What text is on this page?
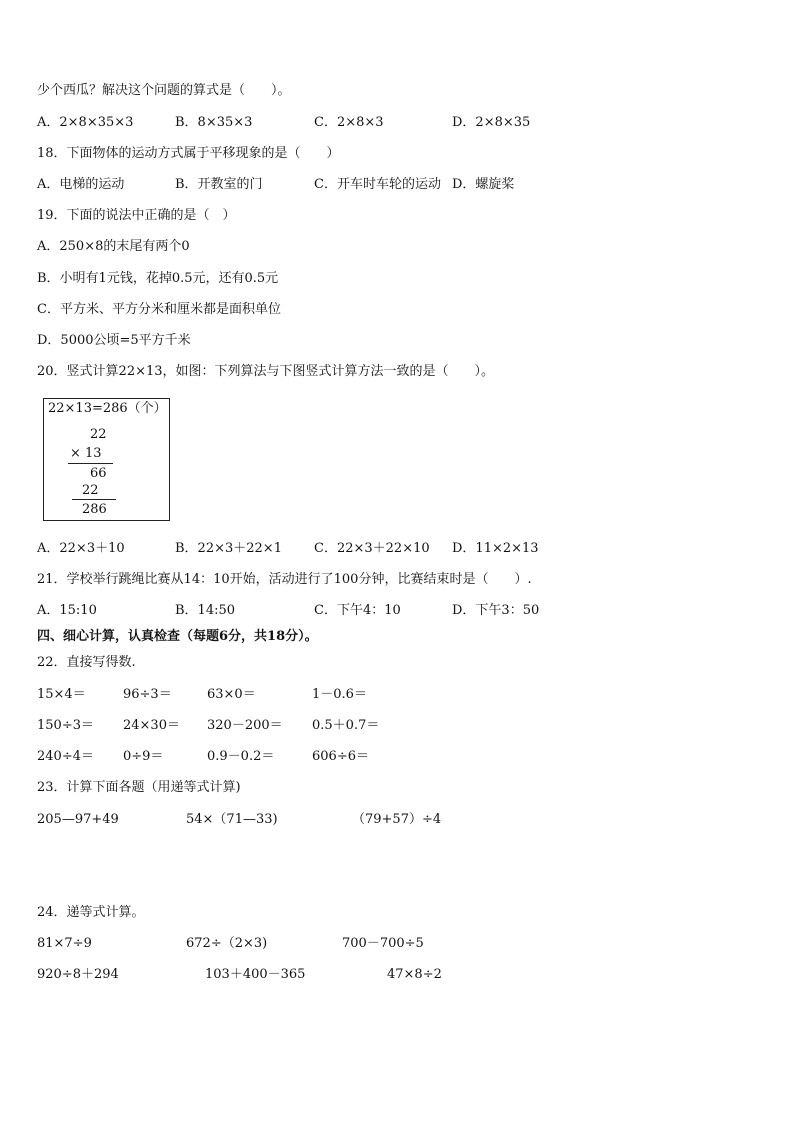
少个西瓜？解决这个问题的算式是（　　）。
A．2×8×35×3	B．8×35×3	C．2×8×3	D．2×8×35
18．下面物体的运动方式属于平移现象的是（　　）
A．电梯的运动	B．开教室的门	C．开车时车轮的运动 D．螺旋桨
19．下面的说法中正确的是（　）
A．250×8的末尾有两个0
B．小明有1元钱，花掉0.5元，还有0.5元
C．平方米、平方分米和厘米都是面积单位
D．5000公顷=5平方千米
20．竖式计算22×13，如图：下列算法与下图竖式计算方法一致的是（　　）。
22×13=286（个）
22
× 13
66
22
286
A．22×3＋10	B．22×3＋22×1 C．22×3＋22×10 D．11×2×13
21．学校举行跳绳比赛从14：10开始，活动进行了100分钟，比赛结束时是（　　）.
A．15:10	B．14:50	C．下午4：10	D．下午3：50
四、细心计算，认真检查（每题6分，共18分）。
22．直接写得数.
15×4＝	96÷3＝	63×0＝	1－0.6＝
150÷3＝ 24×30＝ 320－200＝ 0.5＋0.7＝
240÷4＝ 0÷9＝	0.9－0.2＝	606÷6＝
23．计算下面各题（用递等式计算)
205—97+49	54×（71—33)	（79+57）÷4
24．递等式计算。
81×7÷9	672÷（2×3)	700－700÷5
920÷8＋294	103＋400－365	47×8÷2
